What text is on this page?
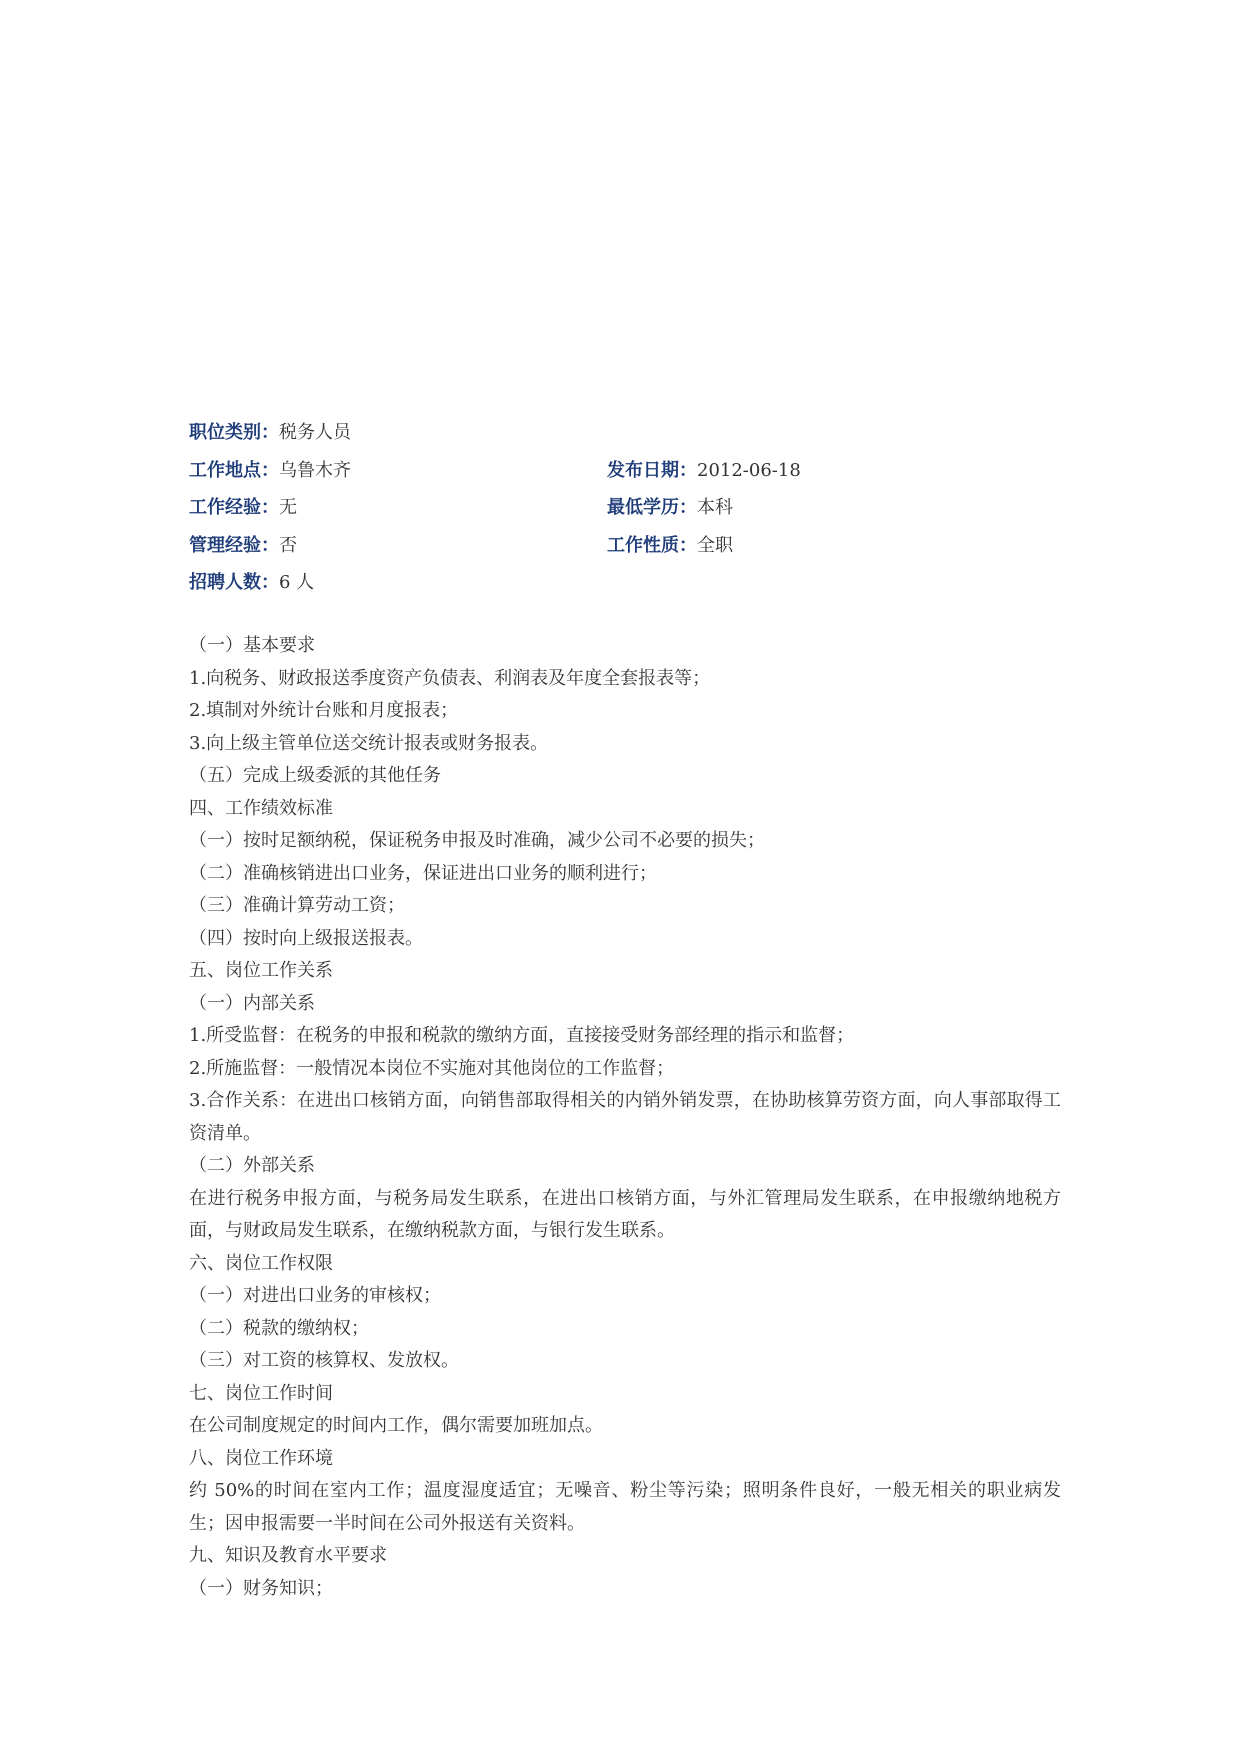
职位类别：税务人员
工作地点：乌鲁木齐	发布日期：2012-06-18
工作经验：无	最低学历：本科
管理经验：否	工作性质：全职
招聘人数：6 人

（一）基本要求

1.向税务、财政报送季度资产负债表、利润表及年度全套报表等；

2.填制对外统计台账和月度报表；

3.向上级主管单位送交统计报表或财务报表。

（五）完成上级委派的其他任务

四、工作绩效标准

（一）按时足额纳税，保证税务申报及时准确，减少公司不必要的损失；

（二）准确核销进出口业务，保证进出口业务的顺利进行；

（三）准确计算劳动工资；

（四）按时向上级报送报表。

五、岗位工作关系

（一）内部关系

1.所受监督：在税务的申报和税款的缴纳方面，直接接受财务部经理的指示和监督；

2.所施监督：一般情况本岗位不实施对其他岗位的工作监督；

3.合作关系：在进出口核销方面，向销售部取得相关的内销外销发票，在协助核算劳资方面，向人事部取得工资清单。

（二）外部关系

在进行税务申报方面，与税务局发生联系，在进出口核销方面，与外汇管理局发生联系，在申报缴纳地税方面，与财政局发生联系，在缴纳税款方面，与银行发生联系。

六、岗位工作权限

（一）对进出口业务的审核权；

（二）税款的缴纳权；

（三）对工资的核算权、发放权。

七、岗位工作时间

在公司制度规定的时间内工作，偶尔需要加班加点。

八、岗位工作环境

约 50%的时间在室内工作；温度湿度适宜；无噪音、粉尘等污染；照明条件良好，一般无相关的职业病发生；因申报需要一半时间在公司外报送有关资料。

九、知识及教育水平要求

（一）财务知识；
